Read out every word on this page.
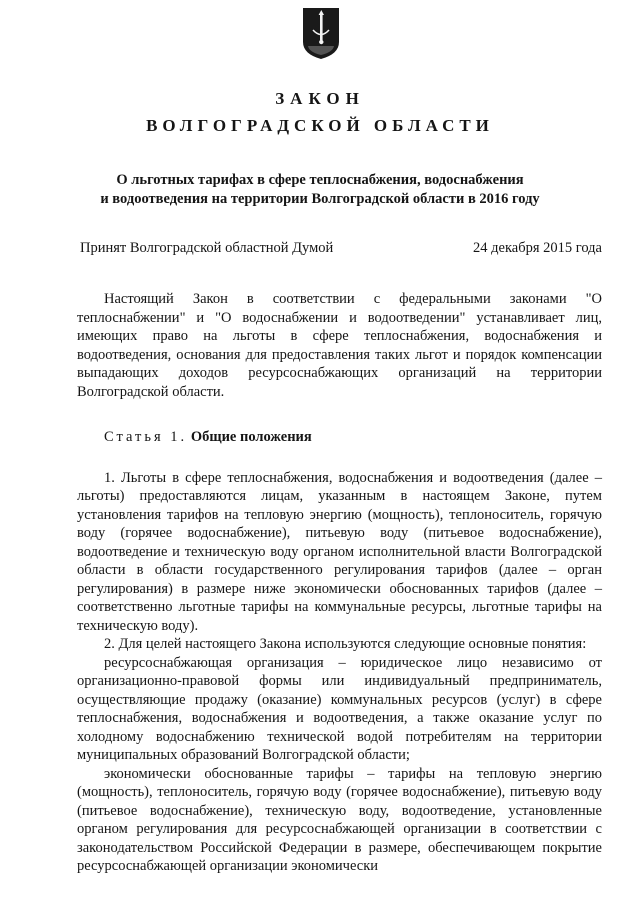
ЗАКОН
ВОЛГОГРАДСКОЙ ОБЛАСТИ
О льготных тарифах в сфере теплоснабжения, водоснабжения
и водоотведения на территории Волгоградской области в 2016 году
Принят Волгоградской областной Думой	24 декабря 2015 года

Настоящий Закон в соответствии с федеральными законами "О теплоснабжении" и "О водоснабжении и водоотведении" устанавливает лиц, имеющих право на льготы в сфере теплоснабжения, водоснабжения и водоотведения, основания для предоставления таких льгот и порядок компенсации выпадающих доходов ресурсоснабжающих организаций на территории Волгоградской области.

Статья 1. Общие положения

1. Льготы в сфере теплоснабжения, водоснабжения и водоотведения (далее – льготы) предоставляются лицам, указанным в настоящем Законе, путем установления тарифов на тепловую энергию (мощность), теплоноситель, горячую воду (горячее водоснабжение), питьевую воду (питьевое водоснабжение), водоотведение и техническую воду органом исполнительной власти Волгоградской области в области государственного регулирования тарифов (далее – орган регулирования) в размере ниже экономически обоснованных тарифов (далее – соответственно льготные тарифы на коммунальные ресурсы, льготные тарифы на техническую воду).

2. Для целей настоящего Закона используются следующие основные понятия:

ресурсоснабжающая организация – юридическое лицо независимо от организационно-правовой формы или индивидуальный предприниматель, осуществляющие продажу (оказание) коммунальных ресурсов (услуг) в сфере теплоснабжения, водоснабжения и водоотведения, а также оказание услуг по холодному водоснабжению технической водой потребителям на территории муниципальных образований Волгоградской области;

экономически обоснованные тарифы – тарифы на тепловую энергию (мощность), теплоноситель, горячую воду (горячее водоснабжение), питьевую воду (питьевое водоснабжение), техническую воду, водоотведение, установленные органом регулирования для ресурсоснабжающей организации в соответствии с законодательством Российской Федерации в размере, обеспечивающем покрытие ресурсоснабжающей организации экономически
